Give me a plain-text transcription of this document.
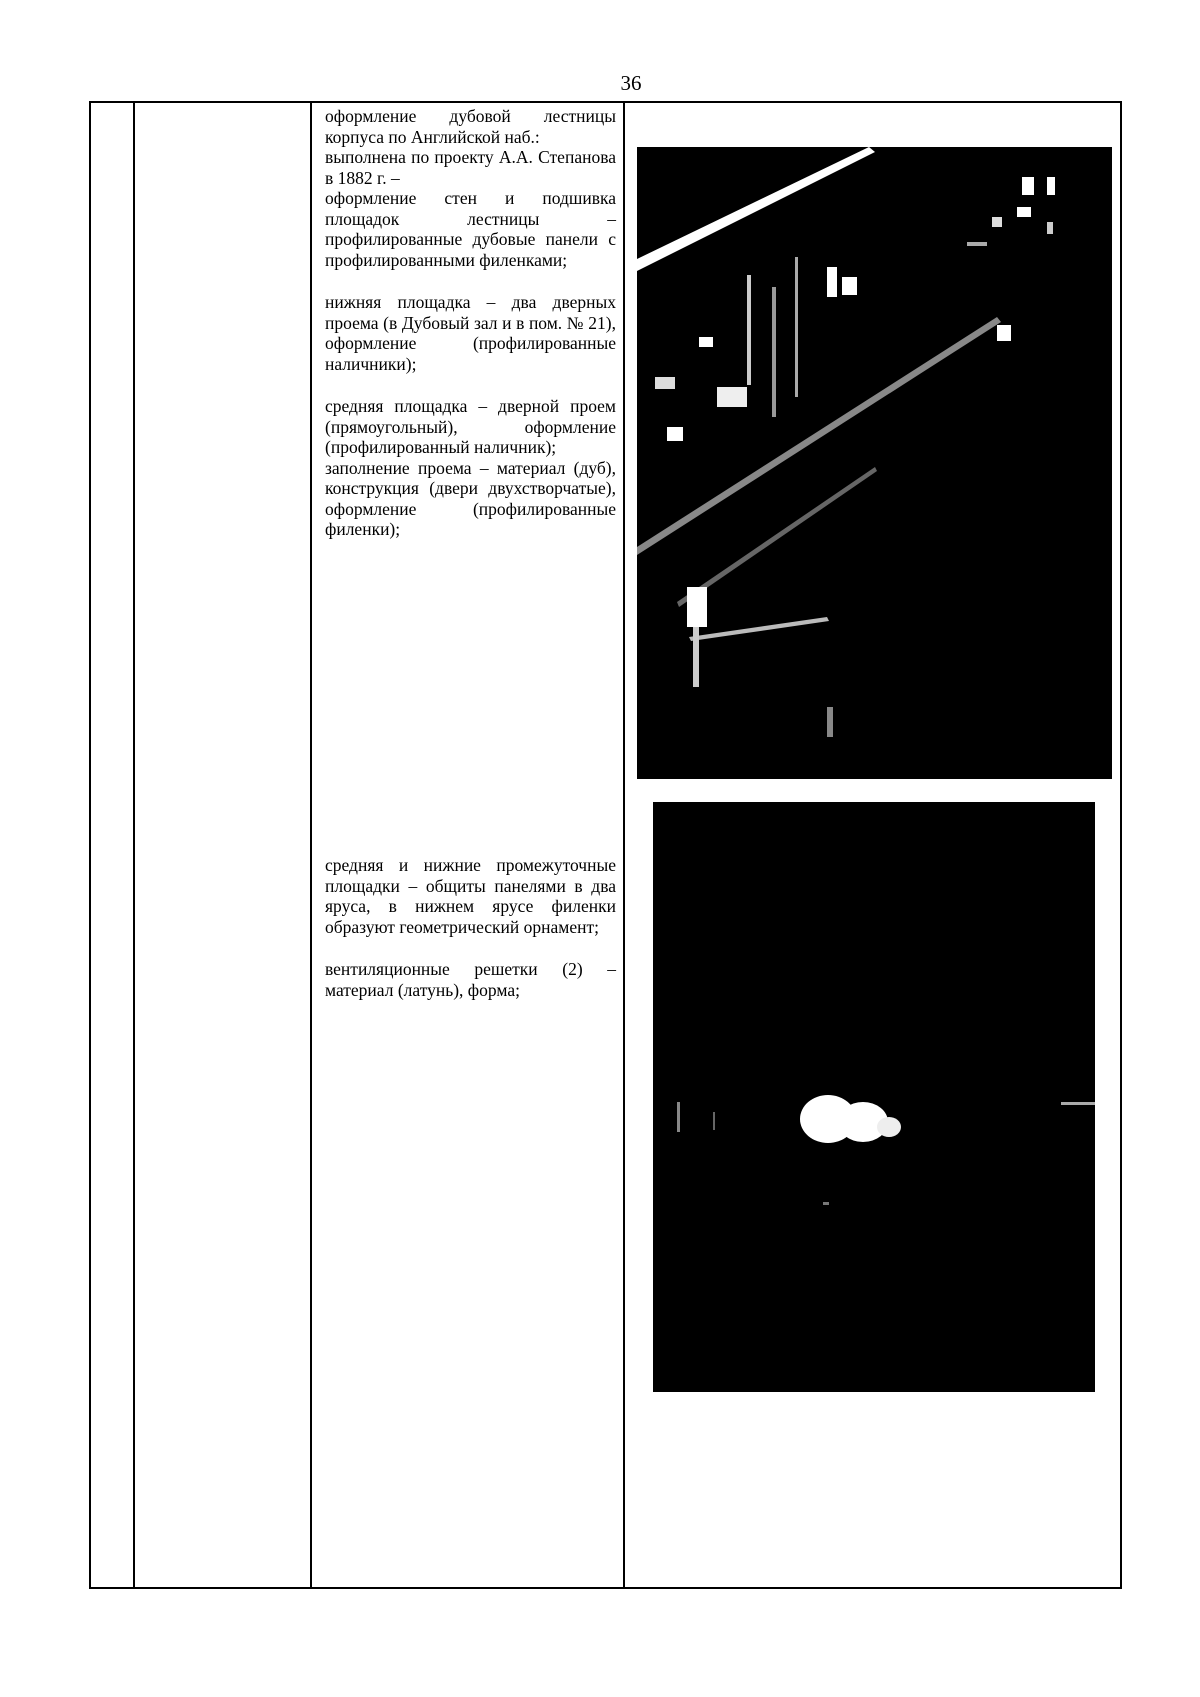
36

оформление дубовой лестницы корпуса по Английской наб.:

выполнена по проекту А.А. Степанова в 1882 г. –

оформление стен и подшивка площадок лестницы – профилированные дубовые панели с профилированными филенками;

нижняя площадка – два дверных проема (в Дубовый зал и в пом. № 21), оформление (профилированные наличники);

средняя площадка – дверной проем (прямоугольный), оформление (профилированный наличник);

заполнение проема – материал (дуб), конструкция (двери двухстворчатые), оформление (профилированные филенки);

средняя и нижние промежуточные площадки – общиты панелями в два яруса, в нижнем ярусе филенки образуют геометрический орнамент;

вентиляционные решетки (2) – материал (латунь), форма;
